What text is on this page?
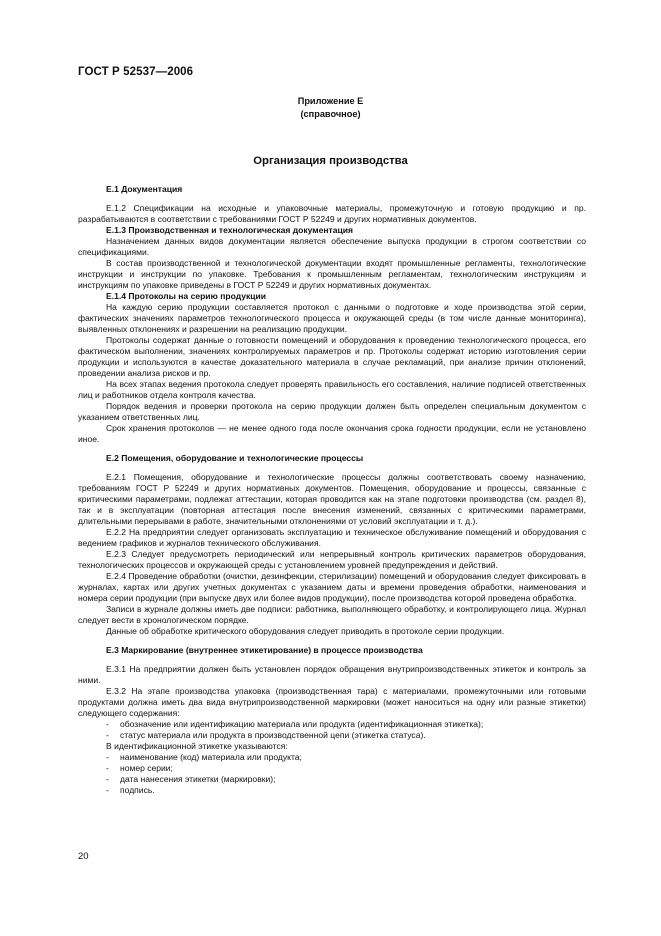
ГОСТ Р 52537—2006
Приложение Е
(справочное)
Организация производства

Е.1 Документация

Е.1.2 Спецификации на исходные и упаковочные материалы, промежуточную и готовую продукцию и пр. разрабатываются в соответствии с требованиями ГОСТ Р 52249 и других нормативных документов.

Е.1.3 Производственная и технологическая документация

Назначением данных видов документации является обеспечение выпуска продукции в строгом соответствии со спецификациями.

В состав производственной и технологической документации входят промышленные регламенты, технологические инструкции и инструкции по упаковке. Требования к промышленным регламентам, технологическим инструкциям и инструкциям по упаковке приведены в ГОСТ Р 52249 и других нормативных документах.

Е.1.4 Протоколы на серию продукции

На каждую серию продукции составляется протокол с данными о подготовке и ходе производства этой серии, фактических значениях параметров технологического процесса и окружающей среды (в том числе данные мониторинга), выявленных отклонениях и разрешении на реализацию продукции.

Протоколы содержат данные о готовности помещений и оборудования к проведению технологического процесса, его фактическом выполнении, значениях контролируемых параметров и пр. Протоколы содержат историю изготовления серии продукции и используются в качестве доказательного материала в случае рекламаций, при анализе причин отклонений, проведении анализа рисков и пр.

На всех этапах ведения протокола следует проверять правильность его составления, наличие подписей ответственных лиц и работников отдела контроля качества.

Порядок ведения и проверки протокола на серию продукции должен быть определен специальным документом с указанием ответственных лиц.

Срок хранения протоколов — не менее одного года после окончания срока годности продукции, если не установлено иное.

Е.2 Помещения, оборудование и технологические процессы

Е.2.1 Помещения, оборудование и технологические процессы должны соответствовать своему назначению, требованиям ГОСТ Р 52249 и других нормативных документов. Помещения, оборудование и процессы, связанные с критическими параметрами, подлежат аттестации, которая проводится как на этапе подготовки производства (см. раздел 8), так и в эксплуатации (повторная аттестация после внесения изменений, связанных с критическими параметрами, длительными перерывами в работе, значительными отклонениями от условий эксплуатации и т. д.).

Е.2.2 На предприятии следует организовать эксплуатацию и техническое обслуживание помещений и оборудования с ведением графиков и журналов технического обслуживания.

Е.2.3 Следует предусмотреть периодический или непрерывный контроль критических параметров оборудования, технологических процессов и окружающей среды с установлением уровней предупреждения и действий.

Е.2.4 Проведение обработки (очистки, дезинфекции, стерилизации) помещений и оборудования следует фиксировать в журналах, картах или других учетных документах с указанием даты и времени проведения обработки, наименования и номера серии продукции (при выпуске двух или более видов продукции), после производства которой проведена обработка.

Записи в журнале должны иметь две подписи: работника, выполняющего обработку, и контролирующего лица. Журнал следует вести в хронологическом порядке.

Данные об обработке критического оборудования следует приводить в протоколе серии продукции.

Е.3 Маркирование (внутреннее этикетирование) в процессе производства

Е.3.1 На предприятии должен быть установлен порядок обращения внутрипроизводственных этикеток и контроль за ними.

Е.3.2 На этапе производства упаковка (производственная тара) с материалами, промежуточными или готовыми продуктами должна иметь два вида внутрипроизводственной маркировки (может наноситься на одну или разные этикетки) следующего содержания:

- обозначение или идентификацию материала или продукта (идентификационная этикетка);

- статус материала или продукта в производственной цепи (этикетка статуса).

В идентификационной этикетке указываются:

- наименование (код) материала или продукта;

- номер серии;

- дата нанесения этикетки (маркировки);

- подпись.

20
